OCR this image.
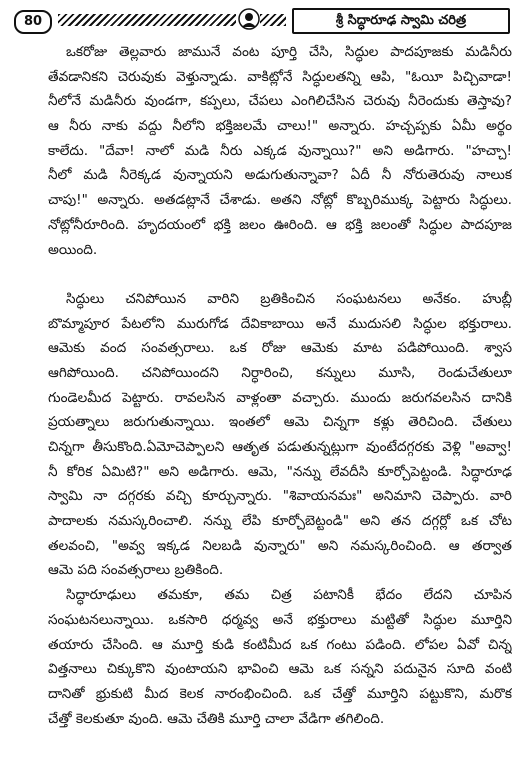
80	శ్రీ సిద్ధారూఢ స్వామి చరిత్ర
ఒకరోజు తెల్లవారు జామునే వంట పూర్తి చేసి, సిద్ధుల పాదపూజకు మడినీరు
తేవడానికని చెరువుకు వెళ్తున్నాడు. వాకిట్లోనే సిద్ధులతన్ని ఆపి, "ఓయీ పిచ్చివాడా!
నీలోనే మడినీరు వుండగా, కప్పలు, చేపలు ఎంగిలిచేసిన చెరువు నీరెందుకు తెస్తావు?
ఆ నీరు నాకు వద్దు నీలోని భక్తిజలమే చాలు!" అన్నారు. హచ్చప్పకు ఏమీ అర్థం
కాలేదు. "దేవా! నాలో మడి నీరు ఎక్కడ వున్నాయి?" అని అడిగారు. "హచ్చా!
నీలో మడి నీరెక్కడ వున్నాయని అడుగుతున్నావా? ఏదీ నీ నోరుతెరువు నాలుక
చాపు!" అన్నారు. అతడట్లానే చేశాడు. అతని నోట్లో కొబ్బరిముక్క పెట్టారు సిద్ధులు.
నోట్లోనీరూరింది. హృదయంలో భక్తి జలం ఊరింది. ఆ భక్తి జలంతో సిద్ధుల పాదపూజ
అయింది.
సిద్ధులు చనిపోయిన వారిని బ్రతికించిన సంఘటనలు అనేకం. హుబ్లీ
బొమ్మాపూర పేటలోని మురుగోడ దేవికాబాయి అనే ముదుసలి సిద్ధుల భక్తురాలు.
ఆమెకు వంద సంవత్సరాలు. ఒక రోజు ఆమెకు మాట పడిపోయింది. శ్వాస
ఆగిపోయింది. చనిపోయిందని నిర్ధారించి, కన్నులు మూసి, రెండుచేతులూ
గుండెలమీద పెట్టారు. రావలసిన వాళ్లంతా వచ్చారు. ముందు జరుగవలసిన దానికి
ప్రయత్నాలు జరుగుతున్నాయి. ఇంతలో ఆమె చిన్నగా కళ్లు తెరిచింది. చేతులు
చిన్నగా తీసుకొంది.ఏమోచెప్పాలని ఆతృత పడుతున్నట్లుగా వుంటేదగ్గరకు వెళ్లి "అవ్వా!
నీ కోరిక ఏమిటి?" అని అడిగారు. ఆమె, "నన్ను లేవదీసి కూర్చోపెట్టండి. సిద్ధారూఢ
స్వామి నా దగ్గరకు వచ్చి కూర్చున్నారు. "శివాయనమః" అనిమాని చెప్పారు. వారి
పాదాలకు నమస్కరించాలి. నన్ను లేపి కూర్చోబెట్టండి" అని తన దగ్గర్లో ఒక చోట
తలవంచి, "అవ్వ ఇక్కడ నిలబడి వున్నారు" అని నమస్కరించింది. ఆ తర్వాత
ఆమె పది సంవత్సరాలు బ్రతికింది.
సిద్ధారూఢులు తమకూ, తమ చిత్ర పటానికీ భేదం లేదని చూపిన
సంఘటనలున్నాయి. ఒకసారి ధర్మవ్వ అనే భక్తురాలు మట్టితో సిద్ధుల మూర్తిని
తయారు చేసింది. ఆ మూర్తి కుడి కంటిమీద ఒక గంటు పడింది. లోపల ఏవో చిన్న
విత్తనాలు చిక్కుకొని వుంటాయని భావించి ఆమె ఒక సన్నని పదునైన సూది వంటి
దానితో భ్రుకుటి మీద కెలక నారంభించింది. ఒక చేత్తో మూర్తిని పట్టుకొని, మరొక
చేత్తో కెలకుతూ వుంది. ఆమె చేతికి మూర్తి చాలా వేడిగా తగిలింది.
